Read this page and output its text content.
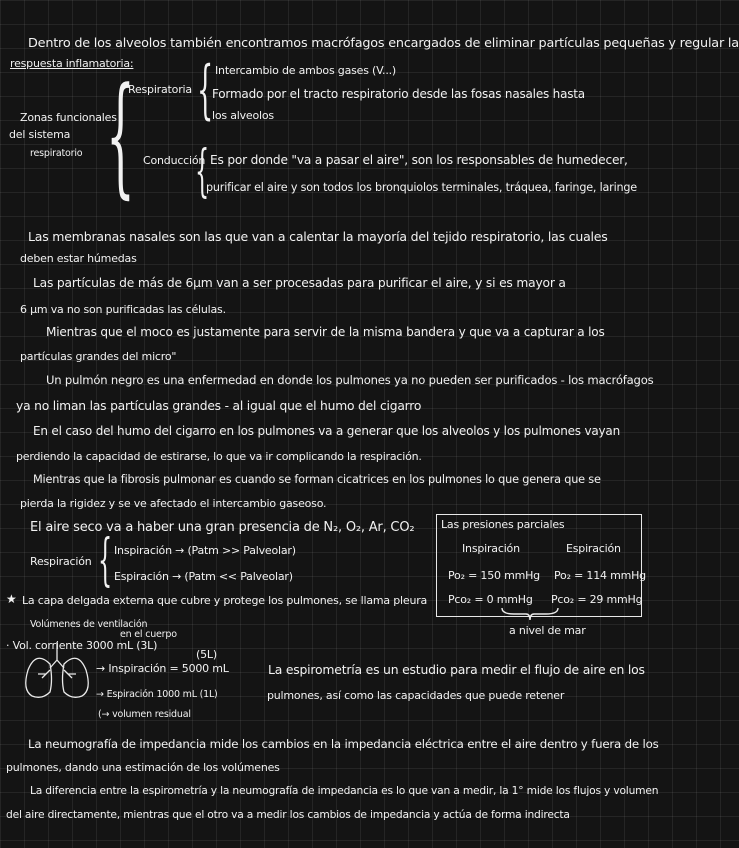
Dentro de los alveolos también encontramos macrófagos encargados de eliminar partículas pequeñas y regular la
respuesta inflamatoria:
Zonas funcionales
del sistema
respiratorio {
Respiratoria { Intercambio de ambos gases (V...)
Formado por el tracto respiratorio desde las fosas nasales hasta
los alveolos
Conducción
{ Es por donde "va a pasar el aire", son los responsables de humedecer,
purificar el aire y son todos los bronquiolos terminales, tráquea, faringe, laringe
Las membranas nasales son las que van a calentar la mayoría del tejido respiratorio, las cuales
deben estar húmedas
Las partículas de más de 6μm van a ser procesadas para purificar el aire, y si es mayor a
6 μm va no son purificadas las células.
Mientras que el moco es justamente para servir de la misma bandera y que va a capturar a los
partículas grandes del micro"
Un pulmón negro es una enfermedad en donde los pulmones ya no pueden ser purificados - los macrófagos
ya no liman las partículas grandes - al igual que el humo del cigarro
En el caso del humo del cigarro en los pulmones va a generar que los alveolos y los pulmones vayan
perdiendo la capacidad de estirarse, lo que va ir complicando la respiración.
Mientras que la fibrosis pulmonar es cuando se forman cicatrices en los pulmones lo que genera que se
pierda la rigidez y se ve afectado el intercambio gaseoso.
El aire seco va a haber una gran presencia de N₂, O₂, Ar, CO₂
Respiración { Inspiración → (Patm >> Palveolar)
Espiración → (Patm << Palveolar)
Las presiones parciales
Inspiración	Espiración
Po₂ = 150 mmHg Po₂ = 114 mmHg
Pco₂ = 0 mmHg Pco₂ = 29 mmHg
a nivel de mar
★ La capa delgada externa que cubre y protege los pulmones, se llama pleura
Volúmenes de ventilación
· Vol. corriente 3000 mL (3L)
en el cuerpo
(5L)
→ Inspiración = 5000 mL
→ Espiración 1000 mL (1L)
(→ volumen residual
La espirometría es un estudio para medir el flujo de aire en los
pulmones, así como las capacidades que puede retener
La neumografía de impedancia mide los cambios en la impedancia eléctrica entre el aire dentro y fuera de los
pulmones, dando una estimación de los volúmenes
La diferencia entre la espirometría y la neumografía de impedancia es lo que van a medir, la 1° mide los flujos y volumen
del aire directamente, mientras que el otro va a medir los cambios de impedancia y actúa de forma indirecta
